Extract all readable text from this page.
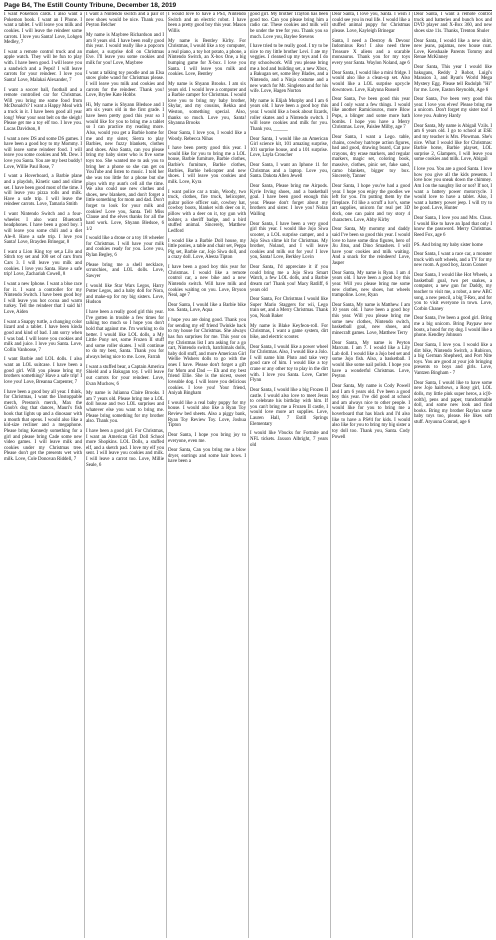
Page B4, The Estill County Tribune, December 18, 2019

I want Pokemon cards. I also want a Pokemon book. I want an I Phone. I want a tablet. I will leave you milk and cookies. I will leave the reindeer some carrots. I love you Santa! Love, Lohgen Medley, 7

I want a remote control truck and an apple watch. They will be fun to play with. I have been good. I will leave you a sandwich and a Pepsi! I will leave carrots for your reindeer. I love you Santa! Love, Malakai Alexander, 7

I want a soccer ball, football and a remote controlled car for Christmas. Will you bring me some food from McDonald's? I want a Happy Meal with a truck in it. I have been good all year long! Wear your seat belt on the sleigh! Please get me a toy elf too. I love you. Lucas Davidson, 8

I want a new DS and some DS games. I have been a good boy to my Mommy. I will leave some reindeer food. I will leave you some cookies and Mt. Dew. I love you Santa. You are my best buddy! Love, Willie Paul Rose, 7

I want a Hoverboard, a Barbie plane and a playdoh, Kinetic sand and slime set. I have been good most of the time. I will leave you pizza rolls and milk. Have a safe trip. I will leave the reindeer carrots. Love, Tamaria Smith

I want Nintendo Switch and a four-wheeler. I also want Bluetooth headphones. I have been a good boy. I will leave you some chili and a diet Ale-8. Have a safe trip. I love you Santa! Love, Brayden Brinegar, 8

I want a Lion King toy set,a Lilo and Stitch toy set and 100 set of cars from Cars 3. I will leave you milk and cookies. I love you Santa. Have a safe trip! Love, Zachariah Cowell, 8

I want a new Iphone. I want a blue race for it. I want a controller for my Nintendo Switch. I have been good boy I will leave you hot cocoa and warm turkey. Tell the reindeer that I said hi! Love, Aiden

I want a Snappy turtle, a changing color lizard and a tablet. I have been kinda good and kind of bad. I am sorry when I was bad. I will leave you cookies and milk and juice. I love you Santa. Love, Collin Vanhoose, 7

I want Barbie and LOL dolls. I also want an LOL suitcase. I have been a good girl. Will you please bring my brothers something? Have a safe trip! I love you! Love, Breanna Carpenter, 7

I have been a good boy all year. I think, for Christmas, I want the Unstoppable merch, Preston's merch, Max the Gnob's dog that dances, Mauri's fish hook that lights up and a dinosaur with a mouth that opens. I would also like a kid-size recliner and a megaphone. Please bring Kennedy something for a girl and please bring Cade some new video games. I will leave milk and cookies under my Christmas tree. Please don't get the presents wet with milk. Love, Cole Donovan Riddell, 7

I want a Nintendo switch and a pair of new shoes would be nice. Thank you. Peyton Belcher

My name is Maybree Richardson and I am 8 years old. I have been really good this year. I would really like a popcorn maker, a surprise doll on Christmas Eve. I'll leave you some cookies and milk for you! Love, Maybree

I want a talking toy poodle and an Elsa snow globe wand for Christmas please. I will leave you milk and cookies and carrots for the reindeer. Thank you! Love, Brylee Kate Hobbs

Hi, My name is Shyann Bledsoe and I am six years old in the first grade. I have been pretty good this year so I would like for you to bring me a tablet so I can practice my reading more. Also, would you get a Barbie home for me and my sister, Sierra to play Barbies, new fuzzy blankets, clothes and shoes. Also Santa, can you please bring my baby sister who is five some toys too. She wanted me to ask you to bring her a phone so she can get on YouTube and listen to music. I told her she was too little for a phone but she plays with my aunt's cell all the time. We also could use new clothes and shoes, new blankets, and don't forget a little something for mom and dad. Don't forget to look for your milk and cookies! Love you, Santa. Tell Miss Clause and the elves thanks for all the hard work. Love, Shyann Bledsoe, 6 1/2

I would like a drone or a toy 18 wheeler for Christmas. I will have your milk and cookies ready for you. Love you, Rylan Begley, 6

Please bring me a shell necklace, scrunchies, and LOL dolls. Love, Sawyer

I would like Star Wars Legos, Harry Potter Legos, and a baby doll for Nora, and make-up for my big sisters. Love, Hudson

I have been a really good girl this year. I've gotten in trouble a few times for talking too much so I hope you don't hold that against me. I'm working to do better. I would like LOL dolls, a My Little Pony set, some Frozen II stuff and some roller skates. I will continue to do my best, Santa. Thank you for always being nice to me. Love, Farrah

I want a stuffed bear, a Captain America Shield and a Bakugan toy. I will leave out carrots for your reindeer. Love, Evan Muchow, 6

My name is Julianna Claire Brooks. I am 7 years old. Please bring me a LOL doll house and two LOL surprises and whatever else you want to bring me. Please bring something for my brother also. Thank you.

I have been a good girl. For Christmas, I want an American Girl Doll School more Shopkins. LOL Dolls, a stuffed elf, and a sketch pad. I love my elf you sent. I will leave you cookies and milk. I will leave a carrot too. Love, Millie Seale, 6

I would love to have a PS4, Nintendo Switch and an electric robot. I have been a pretty good boy this year. Mason Willis

My name is Bentley Kirby. For Christmas, I would like a toy computer, a real piano, a toy hot potato, a phone, a Nintendo Switch, an X-box One, a big bumping game for X-box. I love you Santa. I will leave you milk and cookies. Love, Bentley

My name is Shyann Brooks. I am six years old. I would love a computer and a Barbie camper for Christmas. I would love you to bring my baby brother, Skylar, and my cousins, Rekka and Weston, something special. Also, thanks so much. Love you, Santa! Shyanna Brooks

Dear Santa, I love you, I would like a Woody. Rebecca Nihas

I have been pretty good this year. I would like for you to bring me a LOL house, Barbie furniture, Barbie clothes, Barbie's furniture, Barbie clothes, Barbies, Barbie helicopter and new shoes. I will leave you cookies and milk. Love, Kyra

I want police car a train, Woody, two truck, clothes, fire truck, helicopter, guitar police officer suit, cowboy hat, cowboy boots, blanket with deer on it, pillow with a deer on it, toy gun with holster, a sheriff badge, and a bird stuffed animal. Sincerely, Matthew Ledford

I would like a Barbie Doll house, my little ponies, a table and chair set, Peppa Pig set, Barbie car, Jojo Siwa doll, and a crazy doll. Love, Aleeza Tipton

I have been a good boy this year for Christmas. I would like a remote control car, a new bike and a new Nintendo switch. Will have milk and cookies waiting on you. Love, Bryson Neal, age 7

Dear Santa, I would like a Barbie bike too. Santa, Love, Aqua

I hope you are doing good. Thank you for sending my elf friend Twinkle back to my house for Christmas. She always has fun surprises for me. This year on my Christmas list I am asking for a go cart, Nintendo switch, hatchimals dolls, baby doll stuff, and more American Girl Wellie Wishers dolls to go with the ones I have. Please don't forget a gift for Mom and Dad — Eh and my best friend Ellie. She is the nicest, sweet loveable dog. I will leave you delicious cookies. I love you! Your friend, Aniyah Bingham

I would like a real baby puppy for my house. I would also like a Ryan Toy Review bed sheets. Also a piggy bank, Ryan Toy Review Toy. Love, Joshua Tipton

Dear Santa, I hope you bring joy to everyone, even me.

Dear Santa, Can you bring me a blow dryer, earrings and some hair bows. I have been a

good girl. My brother Trayton has been good too. Can you please bring him a radio car. These cookies and milk will be under the tree for you. Thank you so much. Love you, Baylee Stevens

I have tried to be really good. I try to be nice to my little brother Levi. I ate my veggies. I cleaned up my toys and I do my schoolwork. Will you please bring me a bod and building set, a new Xbox, a Bakugan set, some Bey Blades, and a Nintendo, and a Ninja costume and a new watch for Mr. Singleton and for his wife. Love, Hagen Norton

My name is Elijah Murphy and I am 6 years old. I have been a good boy this year. I would like a book about lizards, roller skates and a Nintendo switch. I will leave cookies and milk for you. Thank you, ______

Dear Santa, I would like an American Girl science kit, 101 amazing surprise, 101 surprise house, and a 101 surprise. Love, Layla Croucher

Dear Santa, I want an Iphone 11 for Christmas and a laptop. Love you, Santa. Dakota Allen Jewell

Dear Santa, Please bring me Airpods. Kyrie Irving shoes, and a basketball goal. I have been good enough this year. Please don't forget about my brothers and sister. I love you! Nolan Walling

Dear Santa, I have been a very good girl this year. I would like Jojo Siwa scooter, a LOL surprise camper, and a Jojo Siwa slime kit for Christmas. My brother, Noland, and I will leave cookies and milk out for you! I love you, Santa! Love, Berkley Lovin

Dear Santa, I'd appreciate it if you could bring me a Jojo Siwa Smart Watch, a few LOL dolls, and a Barbie dream car! Thank you! Macy Ratliff, 6 years old

Dear Santa, For Christmas I would like Super Mario Staggers for wii, Lego train set, and a Merry Christmas. Thank you, Noah Baker

My name is Blake Keyfeon-roll. For Christmas, I want a game system, dirt bike, and electric scooter.

Dear Santa, I would like a power wheel for Christmas. Also, I would like a Jolo. I will name him Pluto and take very good care of him. I would like a toy crane or any other toy to play in the dirt with. I love you Santa. Love, Carter Flynn

Dear Santa, I would like a big Frozen II castle. I would also love to meet Jesus to celebrate his birthday with him. If you can't bring me a Frozen II castle, I would love more art supplies. Love, Lauren Hall, 7 Estill Springs Elementary

I would like Vbucks for Fortnite and NFL tickets. Jaxson Albright, 7 years old

Dear Santa, I love you, Santa. I wish I could see you in real life. I would like a stuffed animal puppy for Christmas please. Love, Kayleigh Brinegar

Santa, I need a Destroy & Devour Indominus Rex! I also need three Treasure X aliens and a scarable monsaurus. Thank you for my toys every year Santa. Waylon Noland, age 6

Dear Santa, I would like a mini fridge. I would also like a clean-up set. Also would like a LOL surprise upcycle downtown. Love, Kalynna Russell

Dear Santa, I've been good this year and I only want a few things. I would like another Ramiciouros, more Blow Pops, a blinger and some more bath bombs. I hope you have a Merry Christmas. Love, Paislee Milby, age 7

Dear Santa, I want a Lego. table, chains, cowboy hat/rope action figures, bad and good, drawing board, Cat paw crayons, dry erase markers, and regular markers, magic set, coloring book, massive, clothes, pinic set, fake sand, camo blankets, bigger toy box. Sincerely, Tanner

Dear Santa, I hope you've had a good year. I hope you enjoy the goodies we left for you. I'm putting them by the fireplace. I'd like a scruff a luv's, some art supplies, unicorn fur real pet 3D dock, one can paint and toy story 4 characters. Love, Abby Kirby

Dear Santa, My mommy and daddy said I've been so good this year. I would love to have some dino figures, hero of Jiu Jitsu, and Dino Smashers. I will have your cookies and milk waiting. And a snack for the reindeers! Love, Jasper

Dear Santa, My name is Ryan. I am 4 years old. I have been a good boy this year. Will you please bring me some new clothes, new shoes, hot wheels trampoline. Love, Ryan

Dear Santa, My name is Matthew. I am 10 years old. I have been a good boy this year. Will you please bring me some new clothes, Nintendo switch, basketball goal, new shoes, and minecraft games. Love, Matthew Terry

Dear Santa, My name is Peyton Marcum. I am 7. I would like a Lily Lab doll. I would like a Jojo bed set and some Jojo fish. Also, a basketball. I would like some nail polish. I hope you have a wonderful Christmas. Love, Peyton

Dear Santa, My name is Cody Powell and I am 6 years old. I've been a good boy this year. I've did good at school and am always nice to other people. I would like for you to bring me a hoverboard that has black and I'd also like to have a PS#4 for kids. I would also like for you to bring my big sister a toy doll too. Thank you, Santa. Cody Powell

Dear Santa, I want a remote control truck and batteries and bunch box and DVD player and X-Box 360, and new shoes size 11s. Thanks, Trenton Shuler

Dear Santa, I would like a new shirt, new jeans, pajamas, new house coat. Love, Kenshaale Parents Tommy and Renae McKinney

Dear Santa, This year I would like bakugans, Reddy 2 Robot, Luigi's Mansion 3, and Ryan's World Mega Mystery Egg. Please tell Rudolph "Hi" for me. Love, Easton Reynolds, Age 6

Dear Santa, I've been very good this year. I love you elves! Please bring me a unicorn. Don't forget my sister too! I love you. Aubrey Hardy

Dear Santa, My name is Abigail Vzils. I am 6 years old. I go to school at ESE and my teacher is Mrs. Plowman. She's nice. What I would like for Christmas: Barbie horse, Barbie playset, LOL surprise 2, Glampers, I will leave you some cookies and milk. Love, Abigail

I love you. You are a good Santa. I love how you give all the kids presents. I love how you sneak down the chimney. Am I on the naughty list or not? If not, I want a battery power motorcycle. I would love to have a tablet. Also, I want a battery power jeep. I will try to be good. Love, Hunter

Dear Santa, I love you and Mrs. Claus. I would like to have an Ipad that only I know the password. Merry Christmas. Reed Fox, age 6

PS. And bring my baby sister home

Dear Santa, I want a race car, a monster truck with soft wheels, and a TV for my new room. A good boy, Jaxon Conner

Dear Santa, I would like Hot Wheels, a basketball goal, two pet snakes, a computer, a new gun for Daddy, my teacher to visit me, a robot, a new ABC song, a new pencil, a big T-Rex, and for you to visit everyone in town. Love, Corbin Chaney

Dear Santa, I've been a good girl. Bring me a big unicorn. Bring Paypaw new boots, a hood for my dog. I would like a phone. Kendley Johnson

Dear Santa, I love you. I would like a dirt bike, Nintendo Switch, a Rubicon, a big German Shepherd, and Port Nite toys. You are good at your job bringing presents to boys and girls. Love, Vantzen Bingham - 7

Dear Santa, I would like to have some new Jojo hairbows, a Rosy girl, LOL dolls, my little pink super heros, a ic[0-oolth], pens and paper, transformable doll, and some new look and find books. Bring my brother Raylan some baby toys too, please. He likes soft stuff. Aryuuna Conrad, age 6
